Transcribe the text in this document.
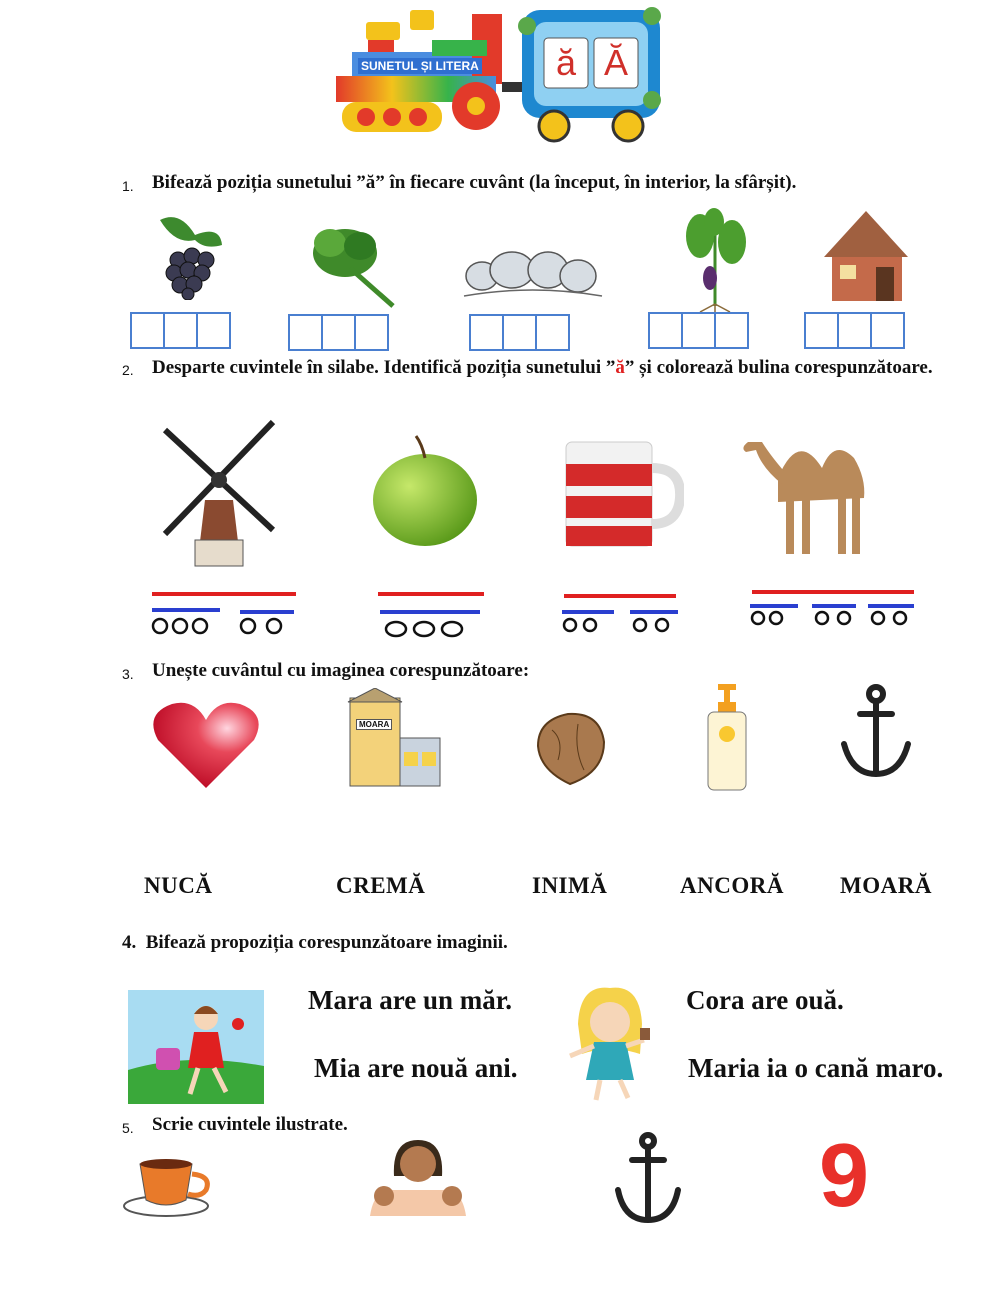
SUNETUL ȘI LITERA	ă Ă
1. Bifează poziția sunetului ”ă” în fiecare cuvânt (la început, în interior, la sfârșit).
2. Desparte cuvintele în silabe. Identifică poziția sunetului ”ă” și colorează bulina corespunzătoare.
3. Unește cuvântul cu imaginea corespunzătoare:
MOARA
NUCĂ	CREMĂ	INIMĂ	ANCORĂ MOARĂ
4. Bifează propoziția corespunzătoare imaginii.
Mara are un măr.
Mia are nouă ani.
Cora are ouă.
Maria ia o cană maro.
5. Scrie cuvintele ilustrate.
9
